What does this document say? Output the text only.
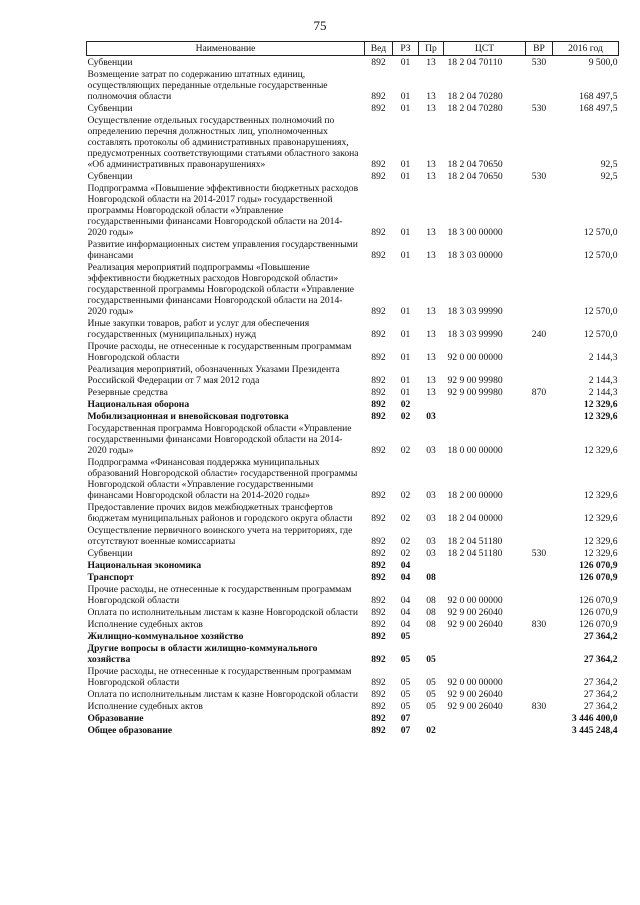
75
Наименование	Вед	РЗ	Пр	ЦСТ	ВР	2016 год
Субвенции	892	01	13	18 2 04 70110	530	9 500,0
Возмещение затрат по содержанию штатных единиц, осуществляющих переданные отдельные государственные полномочия области	892	01	13	18 2 04 70280		168 497,5
Субвенции	892	01	13	18 2 04 70280	530	168 497,5
Осуществление отдельных государственных полномочий по определению перечня должностных лиц, уполномоченных составлять протоколы об административных правонарушениях, предусмотренных соответствующими статьями областного закона «Об административных правонарушениях»	892	01	13	18 2 04 70650		92,5
Субвенции	892	01	13	18 2 04 70650	530	92,5
Подпрограмма «Повышение эффективности бюджетных расходов Новгородской области на 2014-2017 годы» государственной программы Новгородской области «Управление государственными финансами Новгородской области на 2014-2020 годы»	892	01	13	18 3 00 00000		12 570,0
Развитие информационных систем управления государственными финансами	892	01	13	18 3 03 00000		12 570,0
Реализация мероприятий подпрограммы «Повышение эффективности бюджетных расходов Новгородской области» государственной программы Новгородской области «Управление государственными финансами Новгородской области на 2014-2020 годы»	892	01	13	18 3 03 99990		12 570,0
Иные закупки товаров, работ и услуг для обеспечения государственных (муниципальных) нужд	892	01	13	18 3 03 99990	240	12 570,0
Прочие расходы, не отнесенные к государственным программам Новгородской области	892	01	13	92 0 00 00000		2 144,3
Реализация мероприятий, обозначенных Указами Президента Российской Федерации от 7 мая 2012 года	892	01	13	92 9 00 99980		2 144,3
Резервные средства	892	01	13	92 9 00 99980	870	2 144,3
Национальная оборона	892	02				12 329,6
Мобилизационная и вневойсковая подготовка	892	02	03			12 329,6
Государственная программа Новгородской области «Управление государственными финансами Новгородской области на 2014-2020 годы»	892	02	03	18 0 00 00000		12 329,6
Подпрограмма «Финансовая поддержка муниципальных образований Новгородской области» государственной программы Новгородской области «Управление государственными финансами Новгородской области на 2014-2020 годы»	892	02	03	18 2 00 00000		12 329,6
Предоставление прочих видов межбюджетных трансфертов бюджетам муниципальных районов и городского округа области	892	02	03	18 2 04 00000		12 329,6
Осуществление первичного воинского учета на территориях, где отсутствуют военные комиссариаты	892	02	03	18 2 04 51180		12 329,6
Субвенции	892	02	03	18 2 04 51180	530	12 329,6
Национальная экономика	892	04				126 070,9
Транспорт	892	04	08			126 070,9
Прочие расходы, не отнесенные к государственным программам Новгородской области	892	04	08	92 0 00 00000		126 070,9
Оплата по исполнительным листам к казне Новгородской области	892	04	08	92 9 00 26040		126 070,9
Исполнение судебных актов	892	04	08	92 9 00 26040	830	126 070,9
Жилищно-коммунальное хозяйство	892	05				27 364,2
Другие вопросы в области жилищно-коммунального хозяйства	892	05	05			27 364,2
Прочие расходы, не отнесенные к государственным программам Новгородской области	892	05	05	92 0 00 00000		27 364,2
Оплата по исполнительным листам к казне Новгородской области	892	05	05	92 9 00 26040		27 364,2
Исполнение судебных актов	892	05	05	92 9 00 26040	830	27 364,2
Образование	892	07				3 446 400,0
Общее образование	892	07	02			3 445 248,4
